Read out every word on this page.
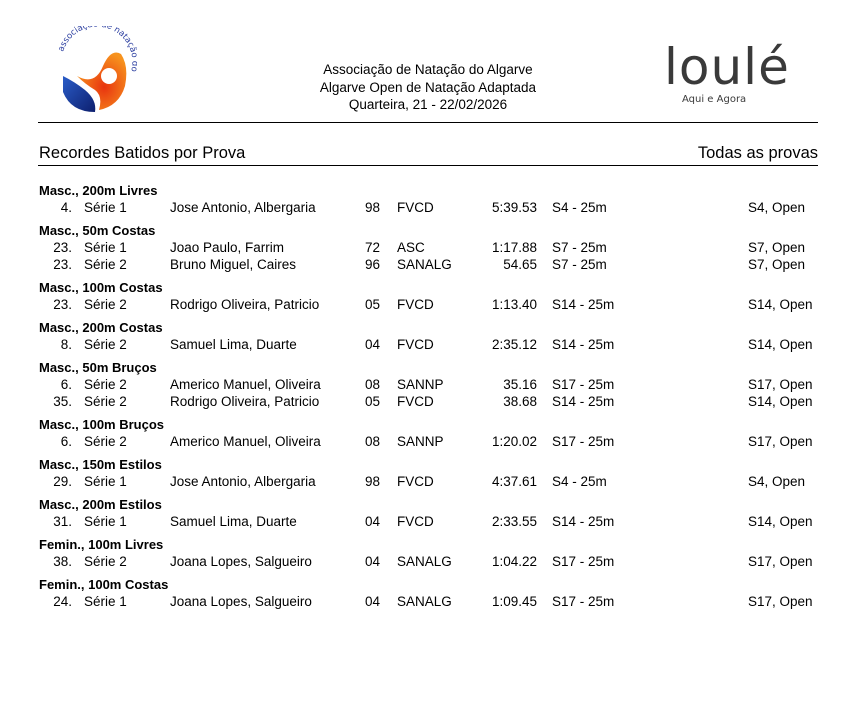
associaç e nataçã
Associação de Natação do Algarve
Algarve Open de Natação Adaptada
Quarteira, 21 - 22/02/2026
loulé
Aqui e Agora
Recordes Batidos por Prova	Todas as provas
Masc., 200m Livres
4. Série 1	Jose Antonio, Albergaria	98 FVCD	5:39.53 S4 - 25m	S4, Open
Masc., 50m Costas
23. Série 1	Joao Paulo, Farrim	72 ASC	1:17.88 S7 - 25m	S7, Open
23. Série 2	Bruno Miguel, Caires	96 SANALG	54.65 S7 - 25m	S7, Open
Masc., 100m Costas
23. Série 2	Rodrigo Oliveira, Patricio	05 FVCD	1:13.40 S14 - 25m	S14, Open
Masc., 200m Costas
8. Série 2	Samuel Lima, Duarte	04 FVCD	2:35.12 S14 - 25m	S14, Open
Masc., 50m Bruços
6. Série 2	Americo Manuel, Oliveira	08 SANNP	35.16 S17 - 25m	S17, Open
35. Série 2	Rodrigo Oliveira, Patricio	05 FVCD	38.68 S14 - 25m	S14, Open
Masc., 100m Bruços
6. Série 2	Americo Manuel, Oliveira	08 SANNP	1:20.02 S17 - 25m	S17, Open
Masc., 150m Estilos
29. Série 1	Jose Antonio, Albergaria	98 FVCD	4:37.61 S4 - 25m	S4, Open
Masc., 200m Estilos
31. Série 1	Samuel Lima, Duarte	04 FVCD	2:33.55 S14 - 25m	S14, Open
Femin., 100m Livres
38. Série 2	Joana Lopes, Salgueiro	04 SANALG	1:04.22 S17 - 25m	S17, Open
Femin., 100m Costas
24. Série 1	Joana Lopes, Salgueiro	04 SANALG	1:09.45 S17 - 25m	S17, Open
